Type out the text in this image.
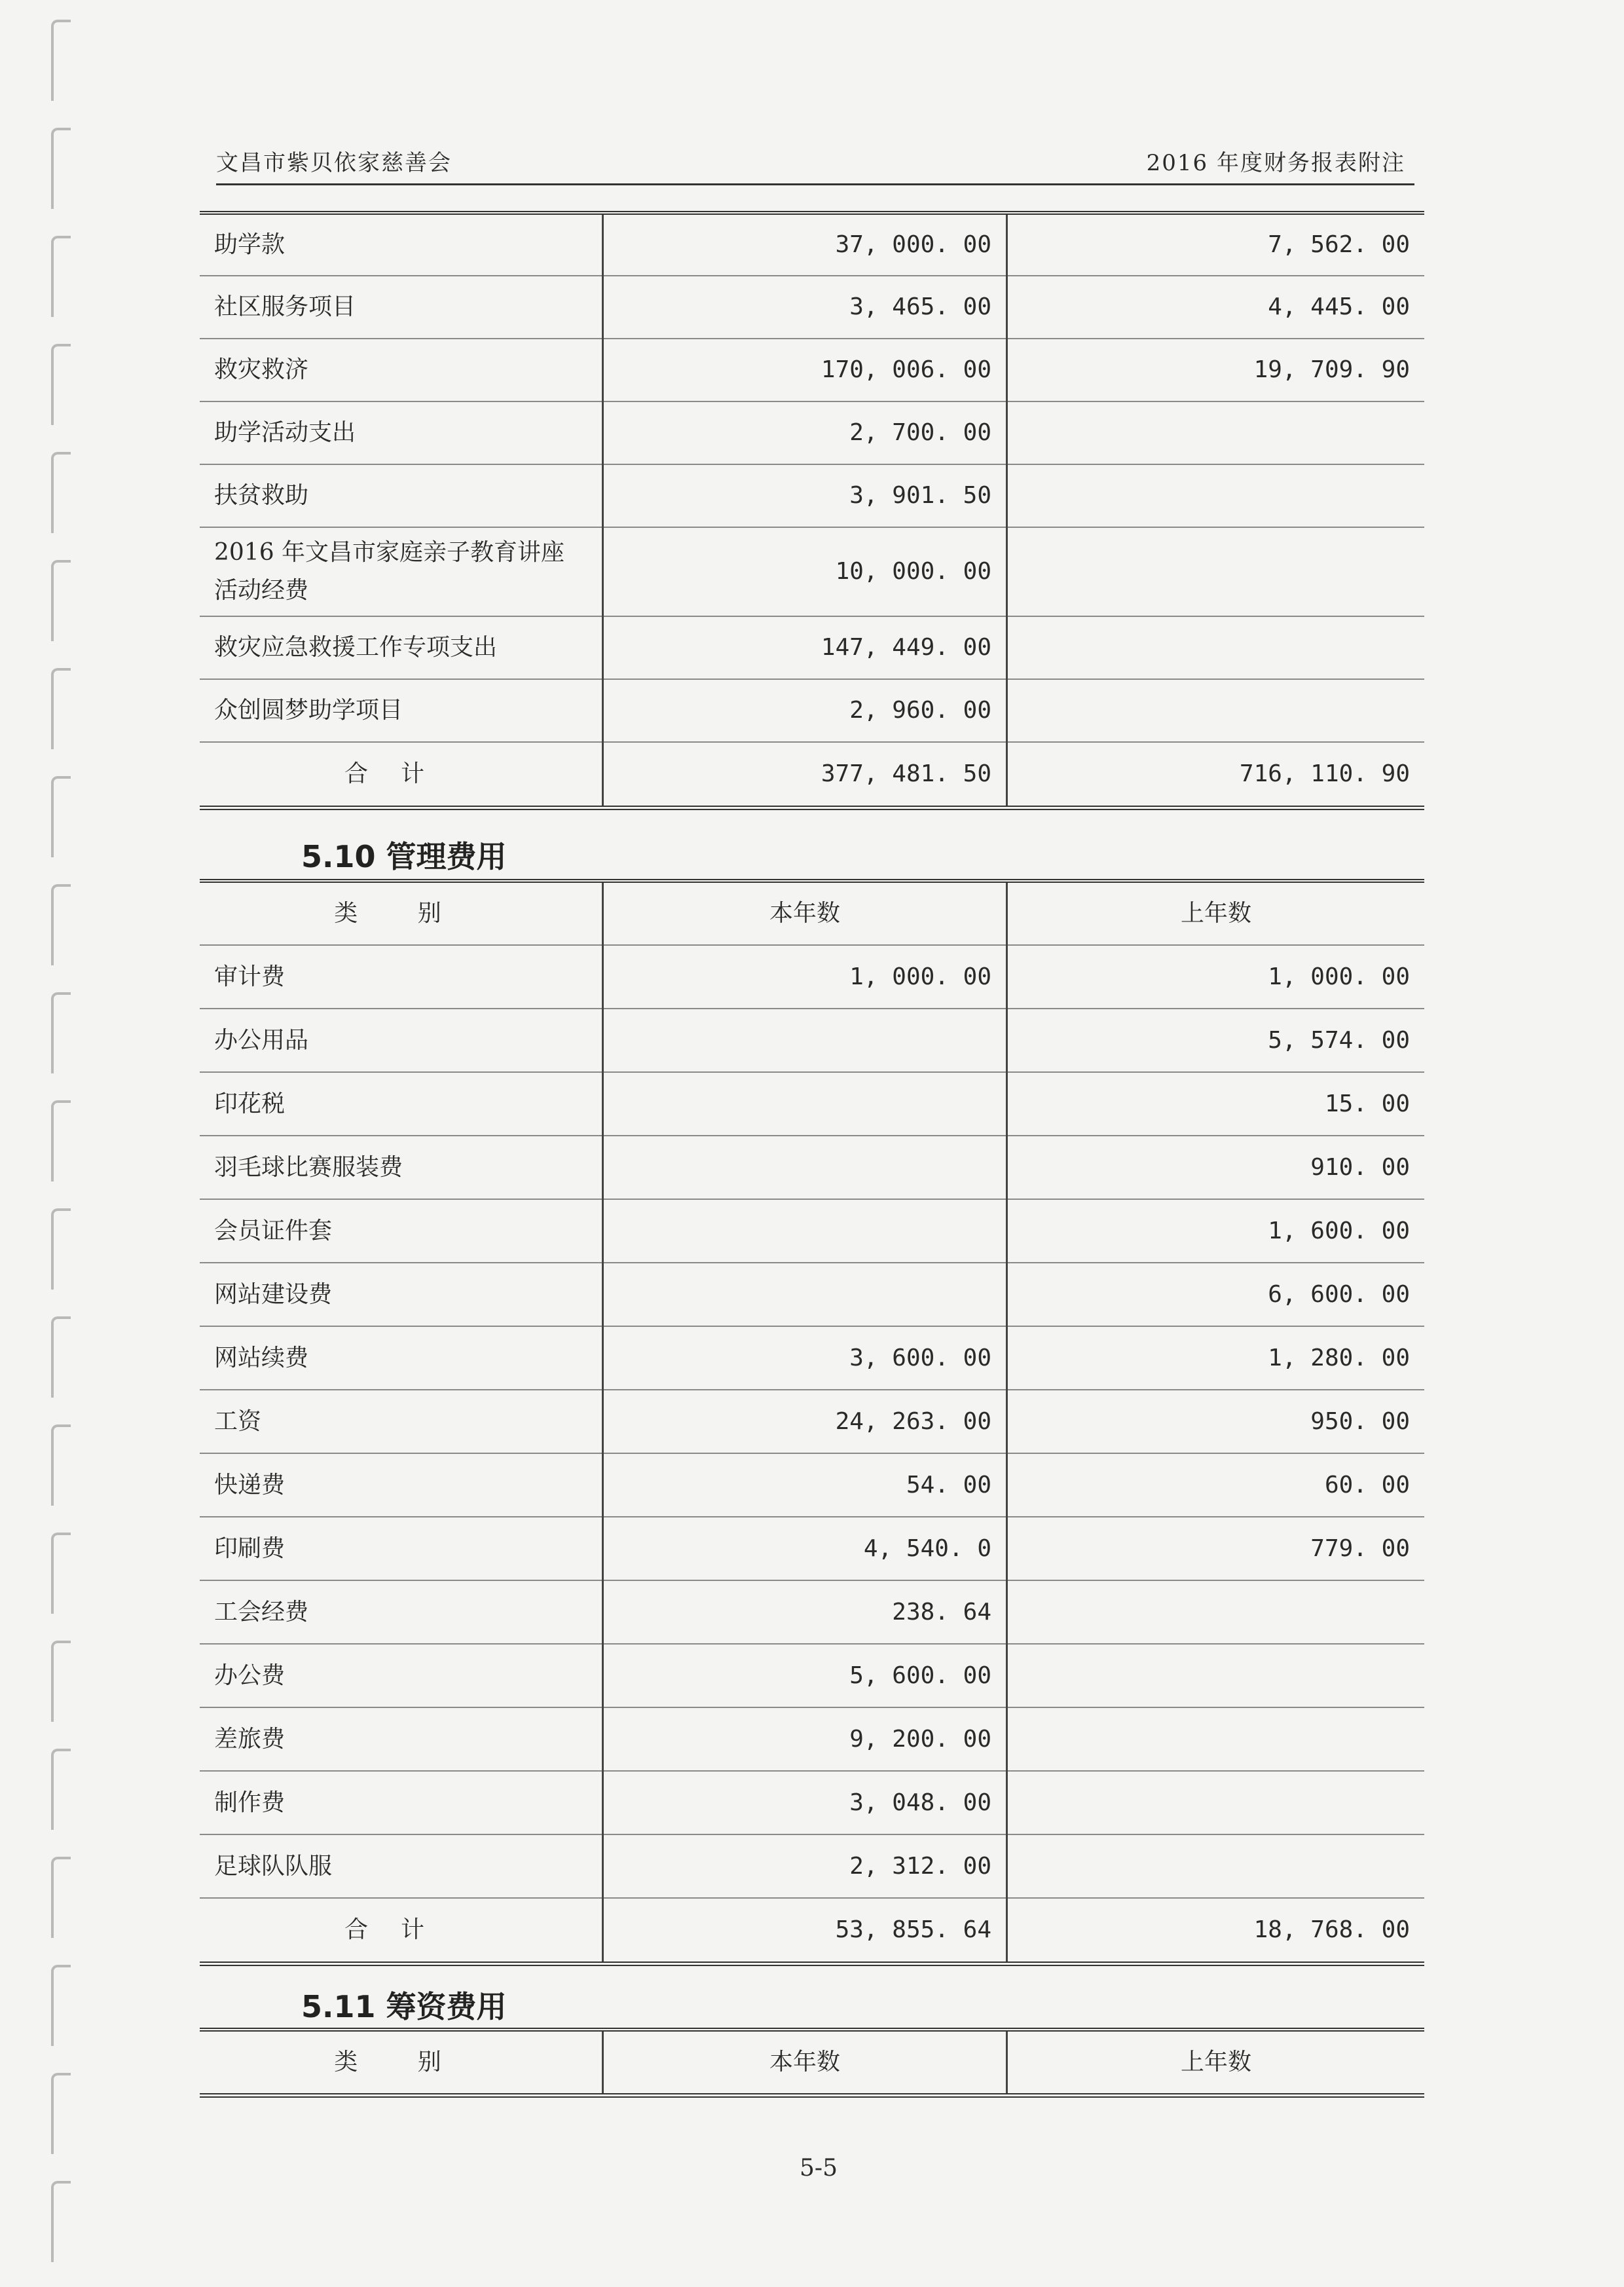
文昌市紫贝依家慈善会	2016 年度财务报表附注
助学款	37, 000. 00	7, 562. 00
社区服务项目	3, 465. 00	4, 445. 00
救灾救济	170, 006. 00	19, 709. 90
助学活动支出	2, 700. 00	
扶贫救助	3, 901. 50	
2016 年文昌市家庭亲子教育讲座活动经费	10, 000. 00	
救灾应急救援工作专项支出	147, 449. 00	
众创圆梦助学项目	2, 960. 00	
合计	377, 481. 50	716, 110. 90
5.10 管理费用
类 别	本年数	上年数
审计费	1, 000. 00	1, 000. 00
办公用品		5, 574. 00
印花税		15. 00
羽毛球比赛服装费		910. 00
会员证件套		1, 600. 00
网站建设费		6, 600. 00
网站续费	3, 600. 00	1, 280. 00
工资	24, 263. 00	950. 00
快递费	54. 00	60. 00
印刷费	4, 540. 0	779. 00
工会经费	238. 64	
办公费	5, 600. 00	
差旅费	9, 200. 00	
制作费	3, 048. 00	
足球队队服	2, 312. 00	
合计	53, 855. 64	18, 768. 00
5.11 筹资费用
类 别	本年数	上年数
5-5
